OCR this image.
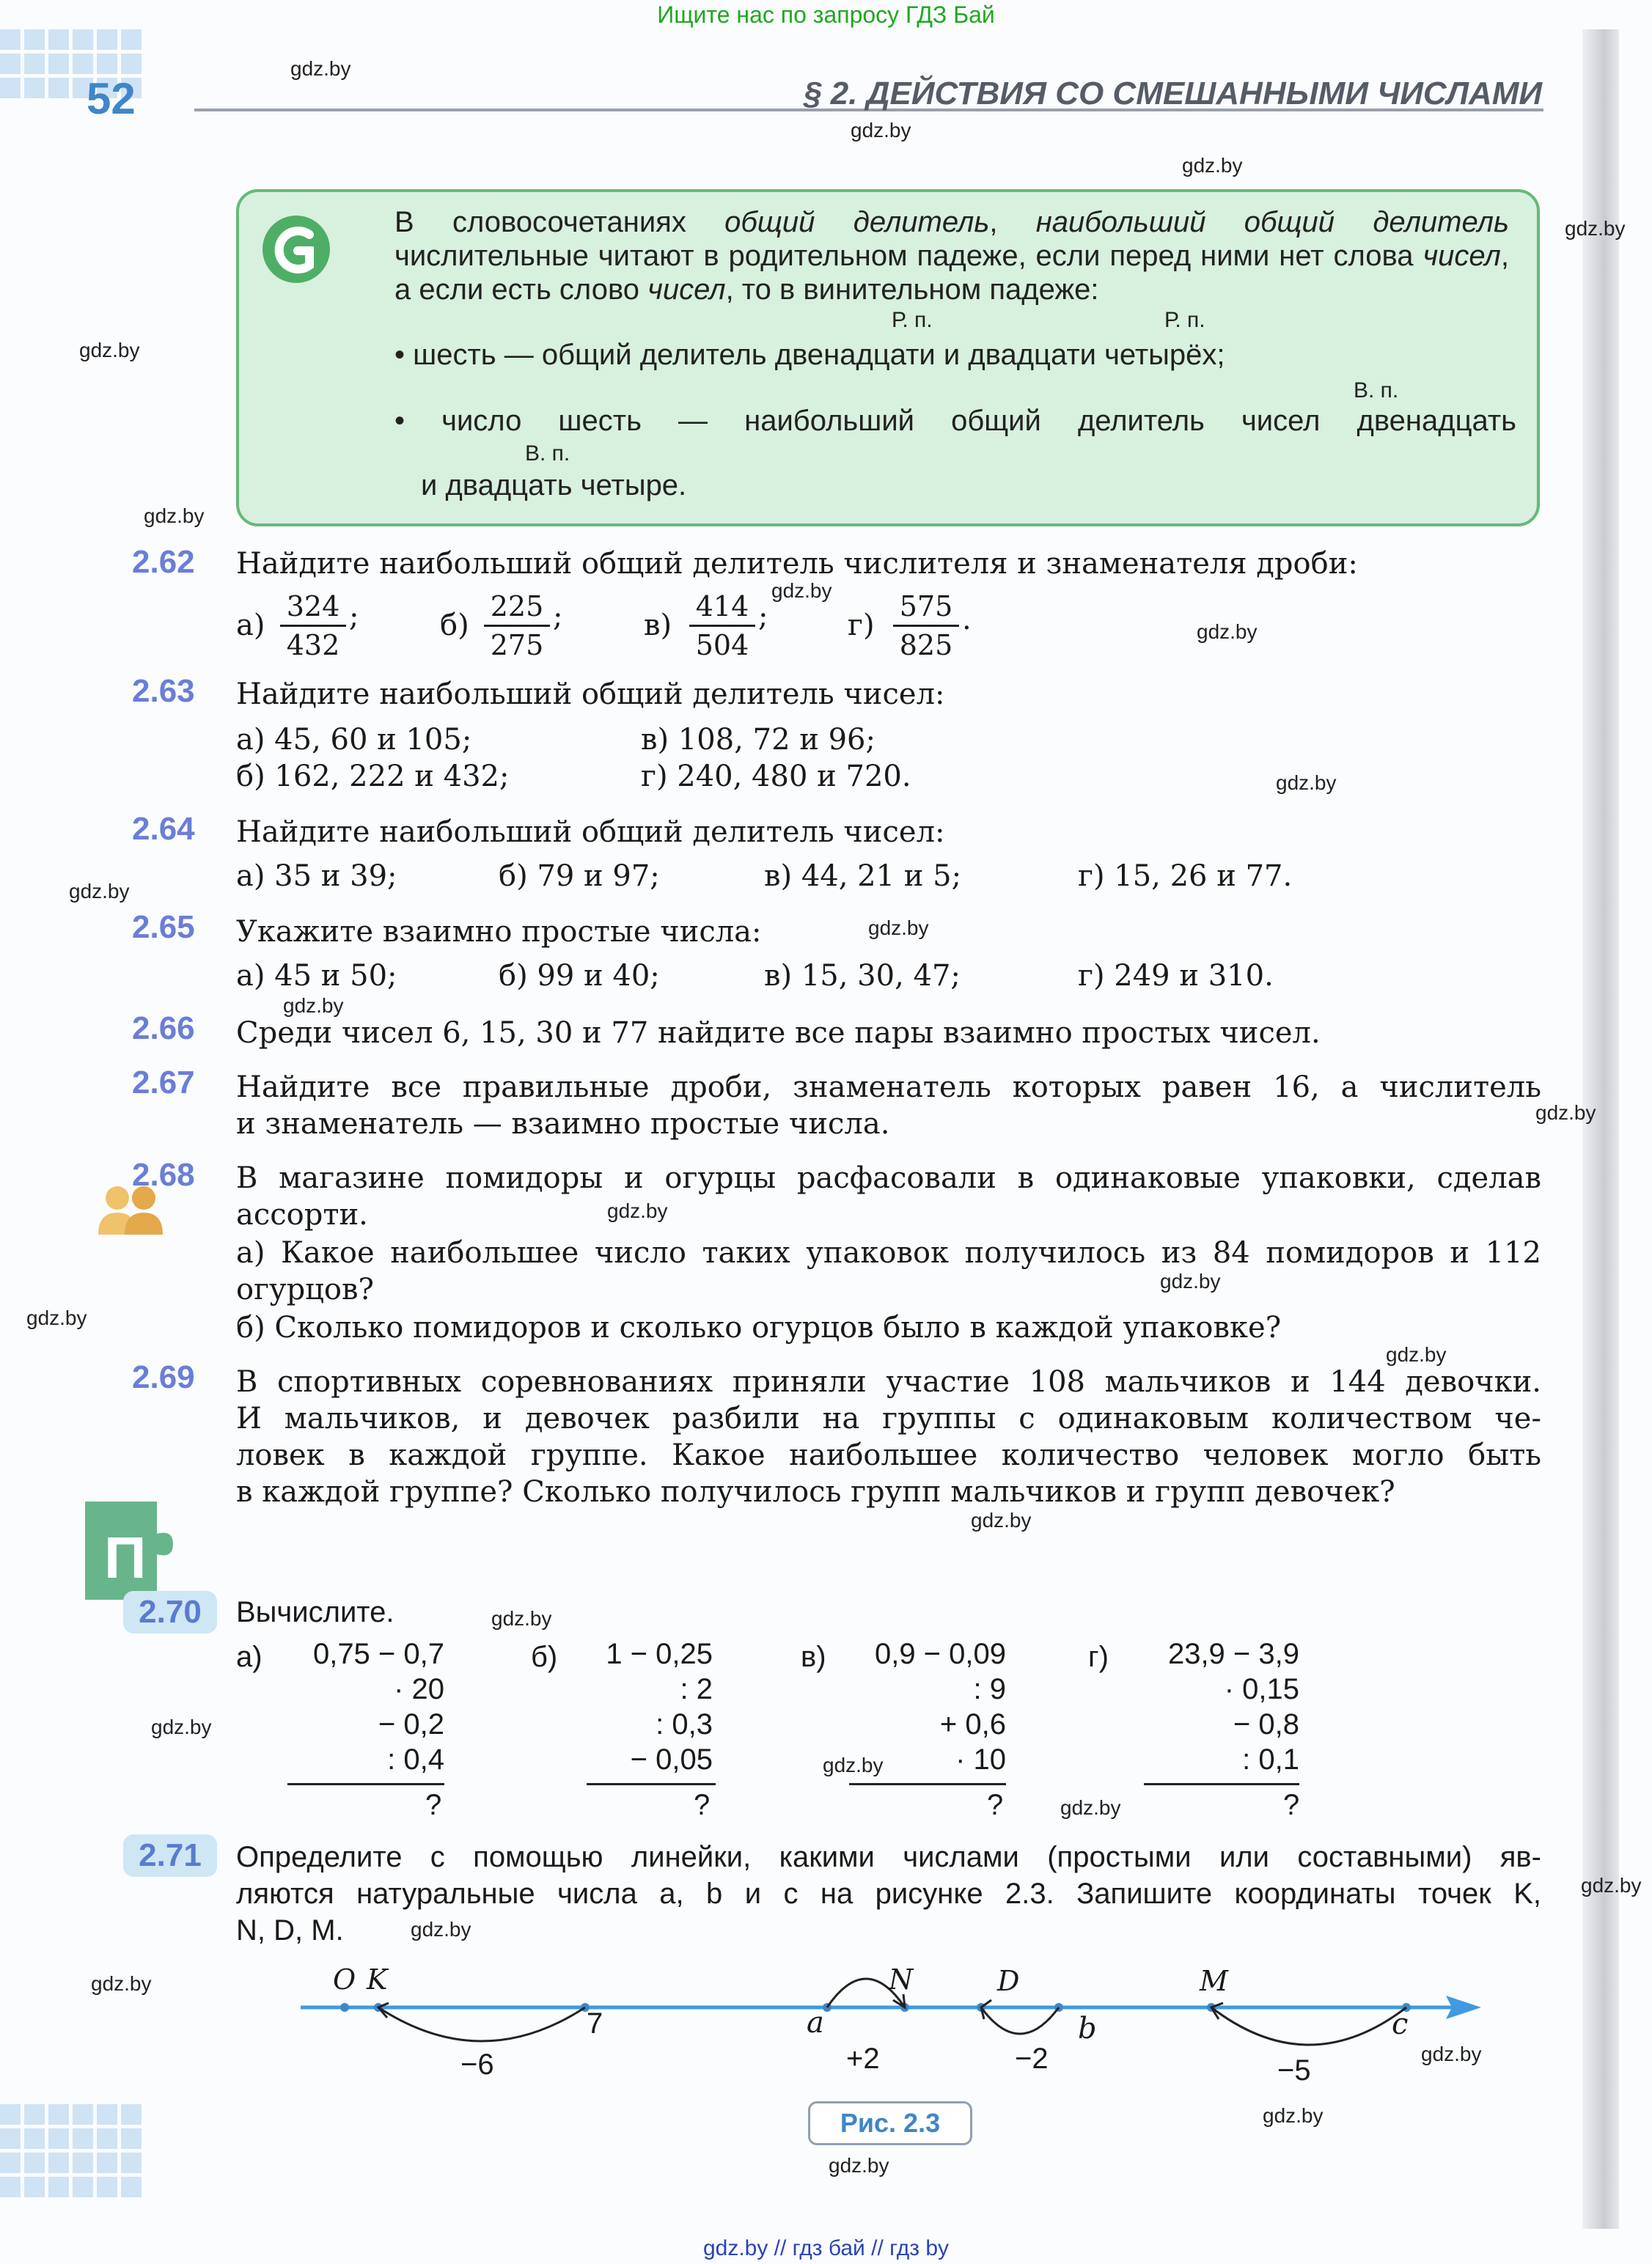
Ищите нас по запросу ГДЗ Бай
52	§ 2. ДЕЙСТВИЯ СО СМЕШАННЫМИ ЧИСЛАМИ
gdz.by
gdz.by
gdz.by
gdz.by
gdz.by
gdz.by
gdz.by
gdz.by
gdz.by
gdz.by
gdz.by
gdz.by
gdz.by
gdz.by
gdz.by
gdz.by
gdz.by
gdz.by
gdz.by
gdz.by
gdz.by
gdz.by
gdz.by
gdz.by
gdz.by
gdz.by
gdz.by
gdz.by

В словосочетаниях общий делитель, наибольший общий делитель числительные читают в родительном падеже, если перед ними нет слова чисел, а если есть слово чисел, то в винительном падеже:

Р. п.	Р. п.
• шесть — общий делитель двенадцати и двадцати четырёх;
В. п.
• число шесть — наибольший общий делитель чисел двенадцать
В. п.
и двадцать четыре.
2.62 Найдите наибольший общий делитель числителя и знаменателя дроби:
$а) \frac{324}{432}$ ;	$б) \frac{225}{275}$ ;	$в) \frac{414}{504}$ ;	$г) \frac{575}{825}$ .
2.63 Найдите наибольший общий делитель чисел:
а) 45, 60 и 105;	в) 108, 72 и 96;
б) 162, 222 и 432;	г) 240, 480 и 720.
2.64 Найдите наибольший общий делитель чисел:
а) 35 и 39;	б) 79 и 97;	в) 44, 21 и 5;	г) 15, 26 и 77.
2.65 Укажите взаимно простые числа:
а) 45 и 50;	б) 99 и 40;	в) 15, 30, 47;	г) 249 и 310.
2.66 Среди чисел 6, 15, 30 и 77 найдите все пары взаимно простых чисел.
2.67 Найдите все правильные дроби, знаменатель которых равен 16, а числитель
и знаменатель — взаимно простые числа.
2.68 В магазине помидоры и огурцы расфасовали в одинаковые упаковки, сделав
ассорти.
а) Какое наибольшее число таких упаковок получилось из 84 помидоров и 112
огурцов?
б) Сколько помидоров и сколько огурцов было в каждой упаковке?
2.69 В спортивных соревнованиях приняли участие 108 мальчиков и 144 девочки.
И мальчиков, и девочек разбили на группы с одинаковым количеством че-
ловек в каждой группе. Какое наибольшее количество человек могло быть
в каждой группе? Сколько получилось групп мальчиков и групп девочек?
П
2.70	Вычислите.
а)	0,75 − 0,7
· 20
− 0,2
: 0,4
?
б)	1 − 0,25
: 2
: 0,3
− 0,05
?
в)	0,9 − 0,09
: 9
+ 0,6
· 10
?
г)	23,9 − 3,9
· 0,15
− 0,8
: 0,1
?
2.71	Определите с помощью линейки, какими числами (простыми или составными) яв-
ляются натуральные числа a, b и c на рисунке 2.3. Запишите координаты точек K,
N, D, M.
O K
7
−6
a
N
+2
D
b
−2
M
c
−5
Рис. 2.3
gdz.by // гдз бай // гдз by
